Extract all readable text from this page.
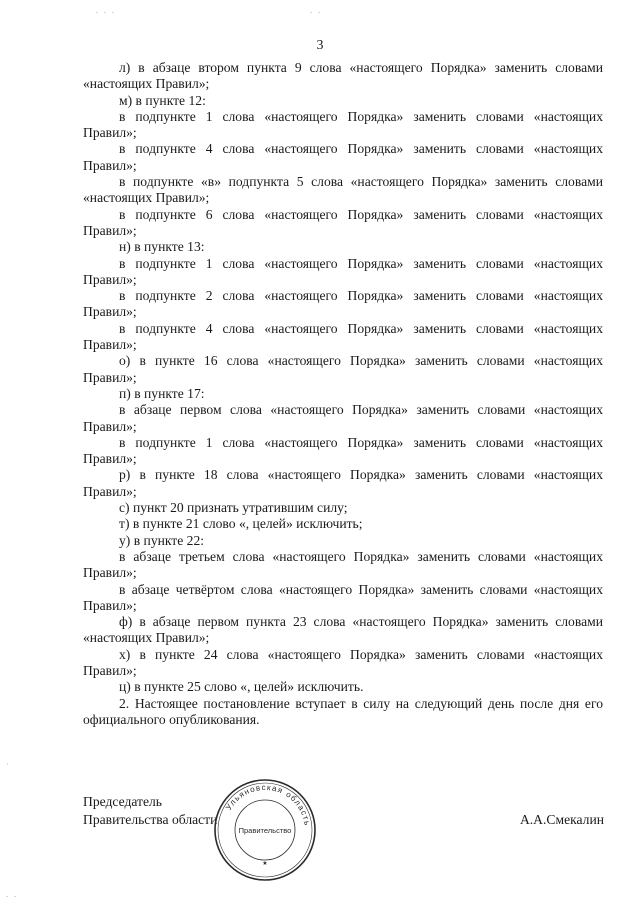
. . .	. .
3

л) в абзаце втором пункта 9 слова «настоящего Порядка» заменить словами «настоящих Правил»;

м) в пункте 12:

в подпункте 1 слова «настоящего Порядка» заменить словами «настоящих Правил»;

в подпункте 4 слова «настоящего Порядка» заменить словами «настоящих Правил»;

в подпункте «в» подпункта 5 слова «настоящего Порядка» заменить словами «настоящих Правил»;

в подпункте 6 слова «настоящего Порядка» заменить словами «настоящих Правил»;

н) в пункте 13:

в подпункте 1 слова «настоящего Порядка» заменить словами «настоящих Правил»;

в подпункте 2 слова «настоящего Порядка» заменить словами «настоящих Правил»;

в подпункте 4 слова «настоящего Порядка» заменить словами «настоящих Правил»;

о) в пункте 16 слова «настоящего Порядка» заменить словами «настоящих Правил»;

п) в пункте 17:

в абзаце первом слова «настоящего Порядка» заменить словами «настоящих Правил»;

в подпункте 1 слова «настоящего Порядка» заменить словами «настоящих Правил»;

р) в пункте 18 слова «настоящего Порядка» заменить словами «настоящих Правил»;

с) пункт 20 признать утратившим силу;

т) в пункте 21 слово «, целей» исключить;

у) в пункте 22:

в абзаце третьем слова «настоящего Порядка» заменить словами «настоящих Правил»;

в абзаце четвёртом слова «настоящего Порядка» заменить словами «настоящих Правил»;

ф) в абзаце первом пункта 23 слова «настоящего Порядка» заменить словами «настоящих Правил»;

х) в пункте 24 слова «настоящего Порядка» заменить словами «настоящих Правил»;

ц) в пункте 25 слово «, целей» исключить.

2. Настоящее постановление вступает в силу на следующий день после дня его официального опубликования.

Председатель
Правительства области	А.А.Смекалин
Ульяновская область
Правительство
★
·
. .
